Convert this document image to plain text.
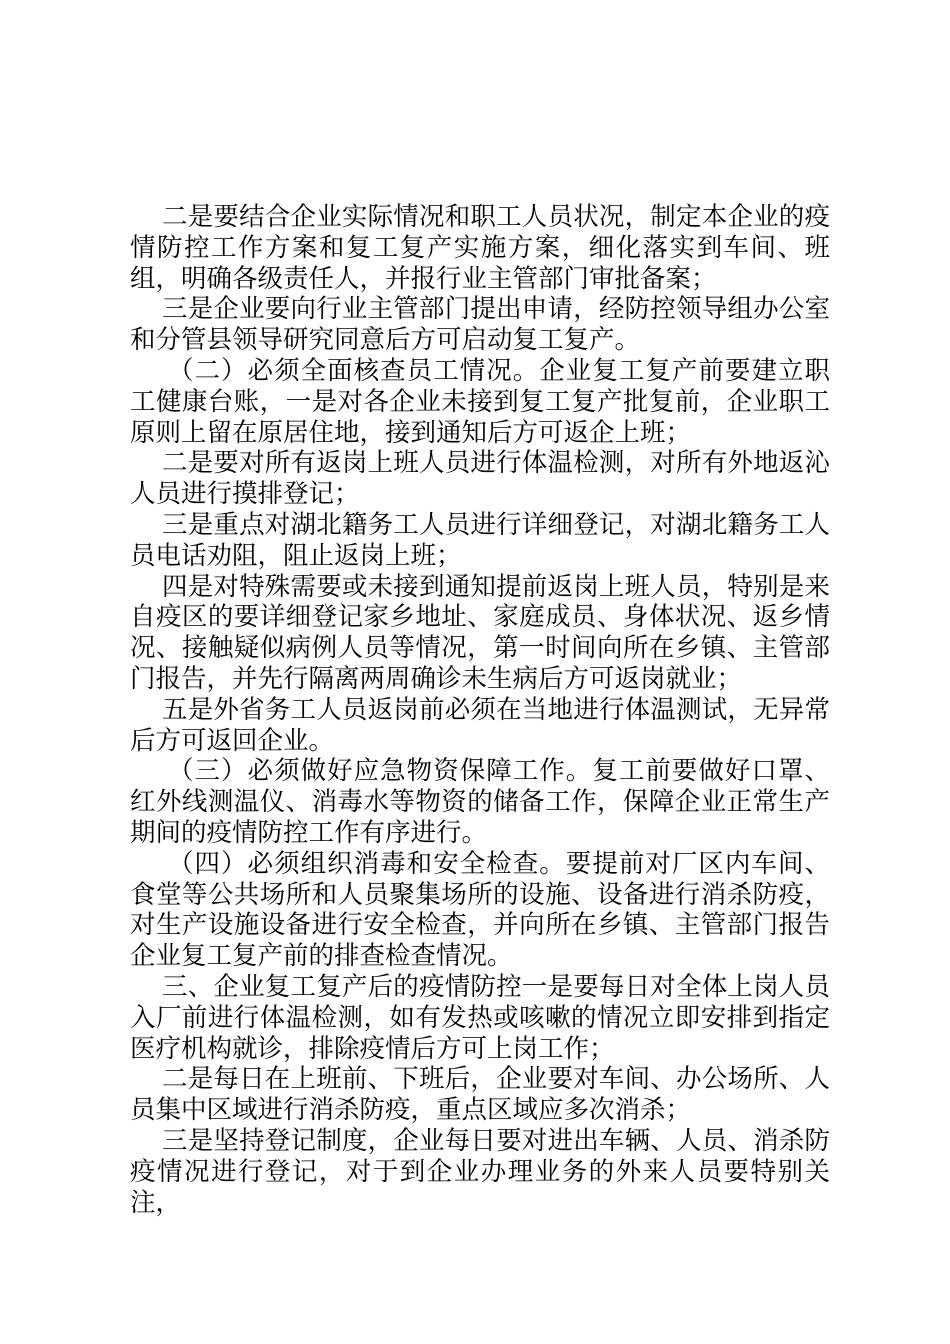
二是要结合企业实际情况和职工人员状况，制定本企业的疫情防控工作方案和复工复产实施方案，细化落实到车间、班组，明确各级责任人，并报行业主管部门审批备案；

三是企业要向行业主管部门提出申请，经防控领导组办公室和分管县领导研究同意后方可启动复工复产。

（二）必须全面核查员工情况。企业复工复产前要建立职工健康台账，一是对各企业未接到复工复产批复前，企业职工原则上留在原居住地，接到通知后方可返企上班；

二是要对所有返岗上班人员进行体温检测，对所有外地返沁人员进行摸排登记；

三是重点对湖北籍务工人员进行详细登记，对湖北籍务工人员电话劝阻，阻止返岗上班；

四是对特殊需要或未接到通知提前返岗上班人员，特别是来自疫区的要详细登记家乡地址、家庭成员、身体状况、返乡情况、接触疑似病例人员等情况，第一时间向所在乡镇、主管部门报告，并先行隔离两周确诊未生病后方可返岗就业；

五是外省务工人员返岗前必须在当地进行体温测试，无异常后方可返回企业。

（三）必须做好应急物资保障工作。复工前要做好口罩、红外线测温仪、消毒水等物资的储备工作，保障企业正常生产期间的疫情防控工作有序进行。

（四）必须组织消毒和安全检查。要提前对厂区内车间、食堂等公共场所和人员聚集场所的设施、设备进行消杀防疫，对生产设施设备进行安全检查，并向所在乡镇、主管部门报告企业复工复产前的排查检查情况。

三、企业复工复产后的疫情防控一是要每日对全体上岗人员入厂前进行体温检测，如有发热或咳嗽的情况立即安排到指定医疗机构就诊，排除疫情后方可上岗工作；

二是每日在上班前、下班后，企业要对车间、办公场所、人员集中区域进行消杀防疫，重点区域应多次消杀；

三是坚持登记制度，企业每日要对进出车辆、人员、消杀防疫情况进行登记，对于到企业办理业务的外来人员要特别关注，
